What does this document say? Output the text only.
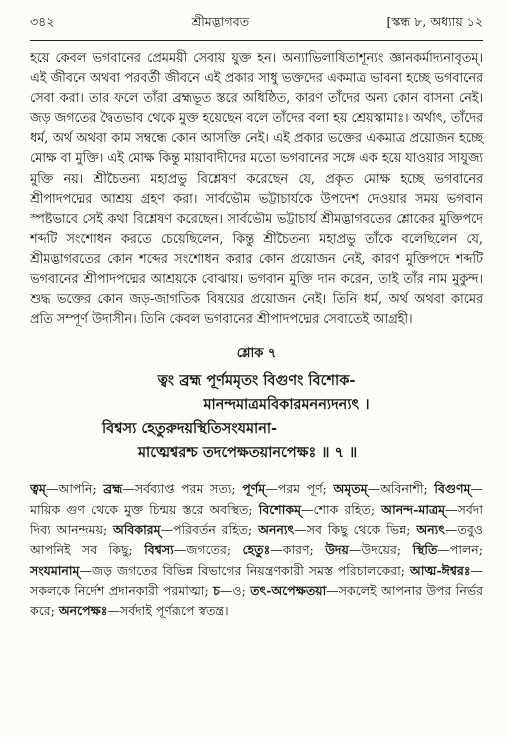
৩৪২	শ্রীমদ্ভাগবত	[স্কন্ধ ৮, অধ্যায় ১২

হয়ে কেবল ভগবানের প্রেমময়ী সেবায় যুক্ত হন। অন্যাভিলাষিতাশূন্যং জ্ঞানকর্মাদ্যনাবৃতম্। এই জীবনে অথবা পরবর্তী জীবনে এই প্রকার সাধু ভক্তদের একমাত্র ভাবনা হচ্ছে ভগবানের সেবা করা। তার ফলে তাঁরা ব্রহ্মভূত স্তরে অধিষ্ঠিত, কারণ তাঁদের অন্য কোন বাসনা নেই। জড় জগতের দ্বৈতভাব থেকে মুক্ত হয়েছেন বলে তাঁদের বলা হয় শ্রেয়স্কামাঃ। অর্থাৎ, তাঁদের ধর্ম, অর্থ অথবা কাম সম্বন্ধে কোন আসক্তি নেই। এই প্রকার ভক্তের একমাত্র প্রয়োজন হচ্ছে মোক্ষ বা মুক্তি। এই মোক্ষ কিন্তু মায়াবাদীদের মতো ভগবানের সঙ্গে এক হয়ে যাওয়ার সাযুজ্য মুক্তি নয়। শ্রীচৈতন্য মহাপ্রভু বিশ্লেষণ করেছেন যে, প্রকৃত মোক্ষ হচ্ছে ভগবানের শ্রীপাদপদ্মের আশ্রয় গ্রহণ করা। সার্বভৌম ভট্টাচার্যকে উপদেশ দেওয়ার সময় ভগবান স্পষ্টভাবে সেই কথা বিশ্লেষণ করেছেন। সার্বভৌম ভট্টাচার্য শ্রীমদ্ভাগবতের শ্লোকের মুক্তিপদে শব্দটি সংশোধন করতে চেয়েছিলেন, কিন্তু শ্রীচৈতন্য মহাপ্রভু তাঁকে বলেছিলেন যে, শ্রীমদ্ভাগবতের কোন শব্দের সংশোধন করার কোন প্রয়োজন নেই, কারণ মুক্তিপদে শব্দটি ভগবানের শ্রীপাদপদ্মের আশ্রয়কে বোঝায়। ভগবান মুক্তি দান করেন, তাই তাঁর নাম মুকুন্দ। শুদ্ধ ভক্তের কোন জড়-জাগতিক বিষয়ের প্রয়োজন নেই। তিনি ধর্ম, অর্থ অথবা কামের প্রতি সম্পূর্ণ উদাসীন। তিনি কেবল ভগবানের শ্রীপাদপদ্মের সেবাতেই আগ্রহী।

শ্লোক ৭
ত্বং ব্রহ্ম পূর্ণমমৃতং বিগুণং বিশোক-
মানন্দমাত্রমবিকারমনন্যদন্যৎ ।
বিশ্বস্য হেতুরুদয়স্থিতিসংযমানা-
মাত্মেশ্বরশ্চ তদপেক্ষতয়ানপেক্ষঃ ॥ ৭ ॥
ত্বম্—আপনি; ব্রহ্ম—সর্বব্যাপ্ত পরম সত্য; পূর্ণম্—পরম পূর্ণ; অমৃতম্—অবিনাশী; বিগুণম্—মায়িক গুণ থেকে মুক্ত চিন্ময় স্তরে অবস্থিত; বিশোকম্—শোক রহিত; আনন্দ-মাত্রম্—সর্বদা দিব্য আনন্দময়; অবিকারম্—পরিবর্তন রহিত; অনন্যৎ—সব কিছু থেকে ভিন্ন; অন্যৎ—তবুও আপনিই সব কিছু; বিশ্বস্য—জগতের; হেতুঃ—কারণ; উদয়—উদয়ের; স্থিতি—পালন; সংযমানাম্—জড় জগতের বিভিন্ন বিভাগের নিয়ন্ত্রণকারী সমস্ত পরিচালকেরা; আত্ম-ঈশ্বরঃ—সকলকে নির্দেশ প্রদানকারী পরমাত্মা; চ—ও; তৎ-অপেক্ষতয়া—সকলেই আপনার উপর নির্ভর করে; অনপেক্ষঃ—সর্বদাই পূর্ণরূপে স্বতন্ত্র।
